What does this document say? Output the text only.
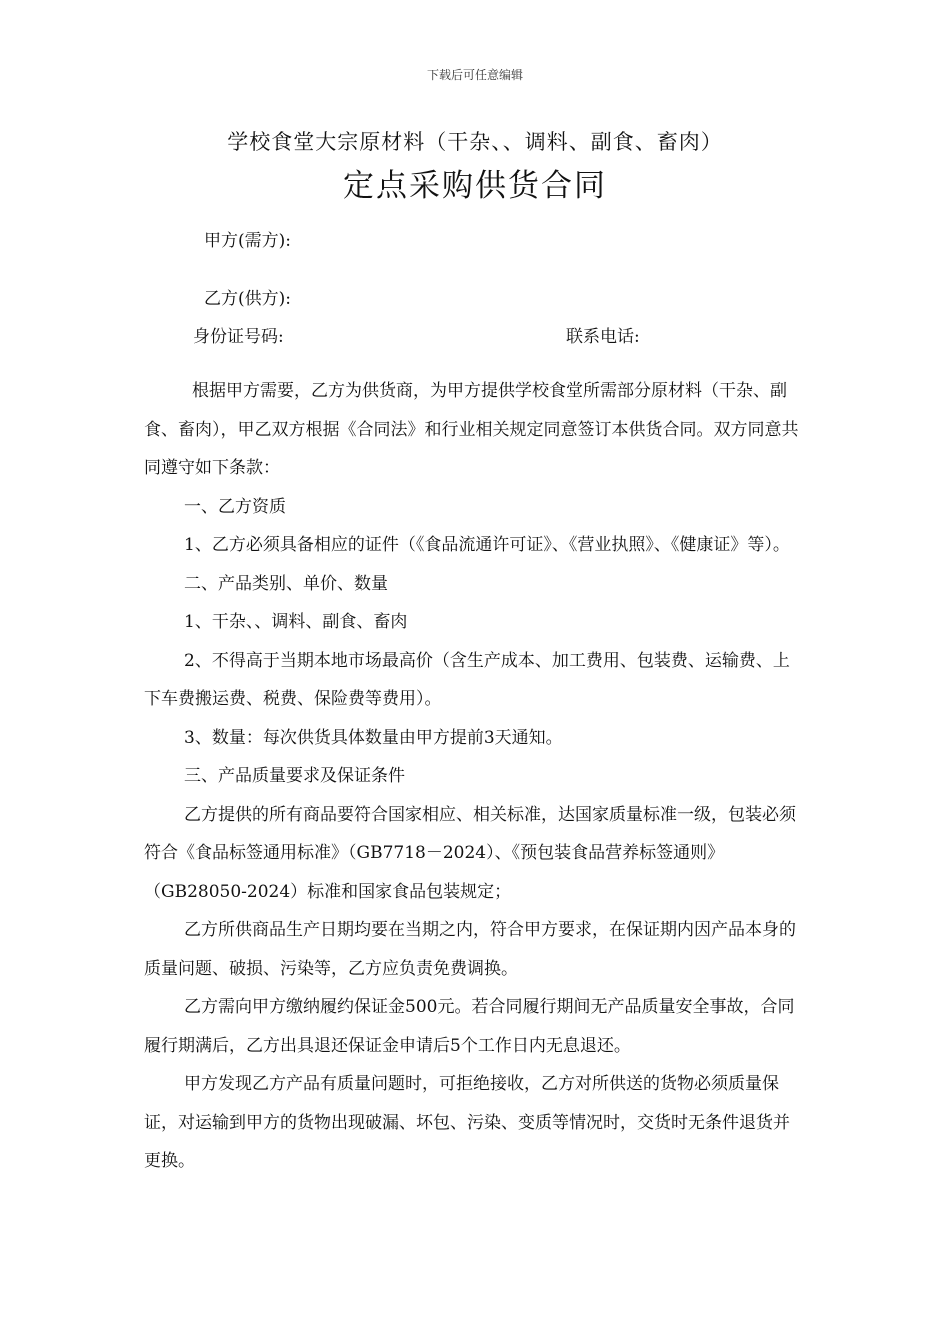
下载后可任意编辑
学校食堂大宗原材料（干杂、、调料、副食、畜肉）
定点采购供货合同
甲方(需方):
乙方(供方):
身份证号码:	联系电话:

根据甲方需要，乙方为供货商，为甲方提供学校食堂所需部分原材料（干杂、副食、畜肉），甲乙双方根据《合同法》和行业相关规定同意签订本供货合同。双方同意共同遵守如下条款：

一、乙方资质

1、乙方必须具备相应的证件（《食品流通许可证》、《营业执照》、《健康证》等）。

二、产品类别、单价、数量

1、干杂、、调料、副食、畜肉

2、不得高于当期本地市场最高价（含生产成本、加工费用、包装费、运输费、上下车费搬运费、税费、保险费等费用）。

3、数量：每次供货具体数量由甲方提前3天通知。

三、产品质量要求及保证条件

乙方提供的所有商品要符合国家相应、相关标准，达国家质量标准一级，包装必须符合《食品标签通用标准》（GB7718－2024）、《预包装食品营养标签通则》（GB28050-2024）标准和国家食品包装规定；

乙方所供商品生产日期均要在当期之内，符合甲方要求，在保证期内因产品本身的质量问题、破损、污染等，乙方应负责免费调换。

乙方需向甲方缴纳履约保证金500元。若合同履行期间无产品质量安全事故，合同履行期满后，乙方出具退还保证金申请后5个工作日内无息退还。

甲方发现乙方产品有质量问题时，可拒绝接收，乙方对所供送的货物必须质量保证，对运输到甲方的货物出现破漏、坏包、污染、变质等情况时，交货时无条件退货并更换。
